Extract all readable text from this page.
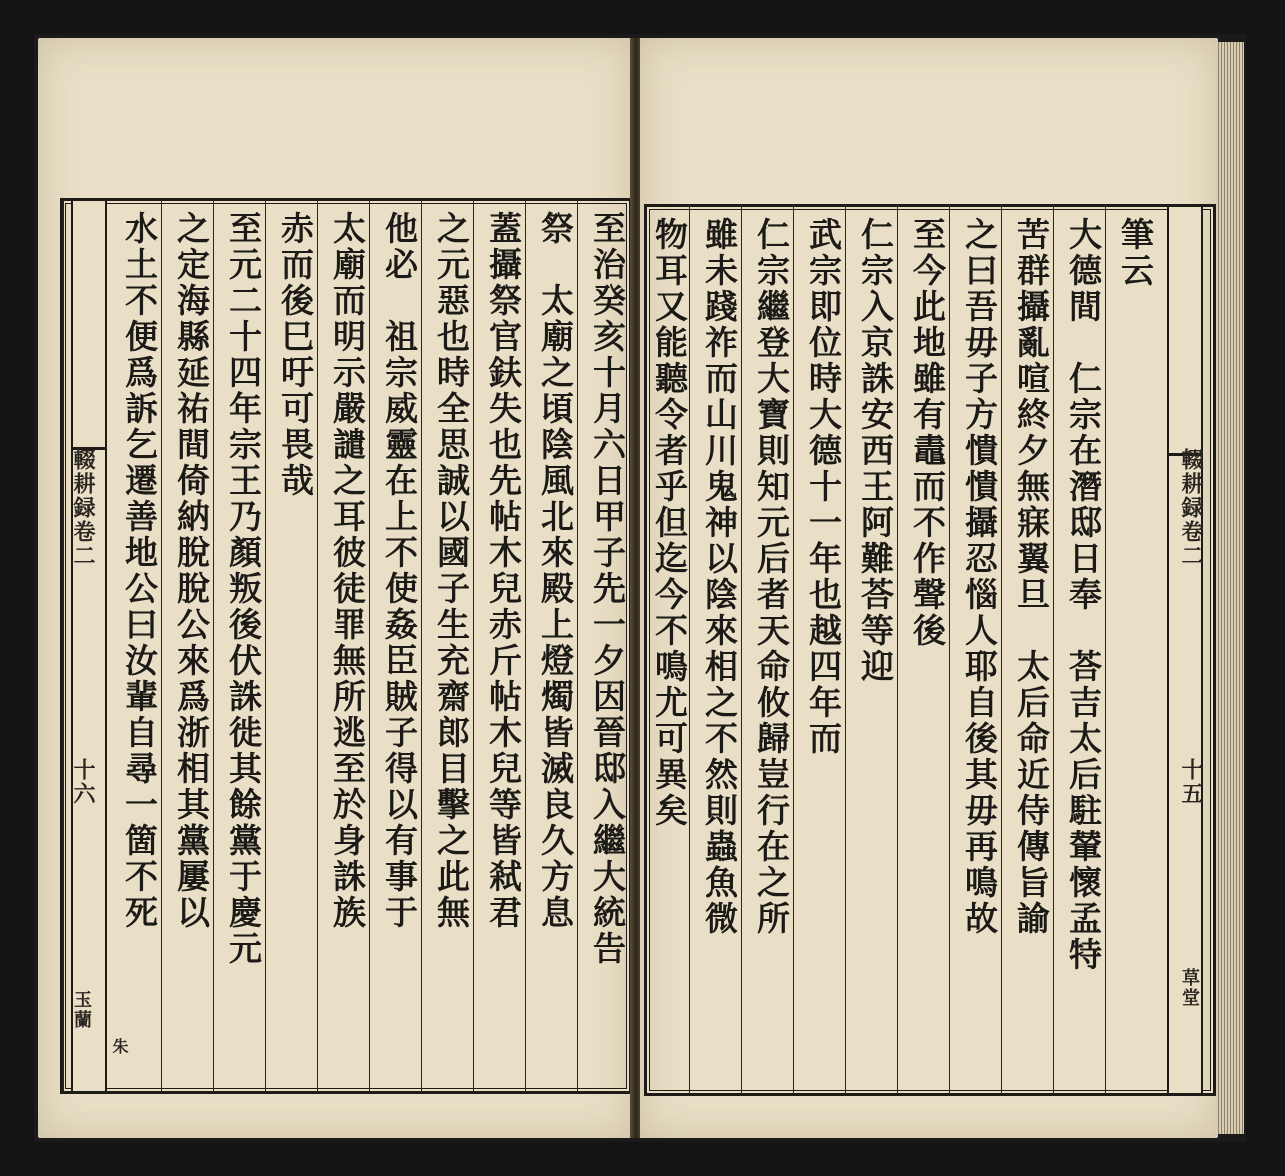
至治癸亥十月六日甲子先一夕因晉邸入繼大統告
祭　太廟之頃陰風北來殿上燈燭皆滅良久方息
蓋攝祭官鈇失也先帖木兒赤斤帖木兒等皆弒君
之元惡也時全思誠以國子生充齋郎目擊之此無
他必　祖宗威靈在上不使姦臣賊子得以有事于
太廟而明示嚴譴之耳彼徒罪無所逃至於身誅族
赤而後巳吁可畏哉
至元二十四年宗王乃顏叛後伏誅徙其餘黨于慶元
之定海縣延祐間倚納脫脫公來爲浙相其黨屢以
水土不便爲訴乞遷善地公曰汝輩自尋一箇不死
輟耕録卷二
十六
玉蘭
朱
筆云
大德間　仁宗在潛邸日奉　荅吉太后駐輦懷孟特
苦群攝亂喧終夕無寐翼旦　太后命近侍傳旨諭
之曰吾毋子方憒憒攝忍惱人耶自後其毋再鳴故
至今此地雖有鼃而不作聲後
仁宗入京誅安西王阿難荅等迎
武宗即位時大德十一年也越四年而
仁宗繼登大寶則知元后者天命攸歸豈行在之所
雖未踐祚而山川鬼神以陰來相之不然則蟲魚微
物耳又能聽令者乎但迄今不鳴尤可異矣	輟耕録卷二
十五
草堂
